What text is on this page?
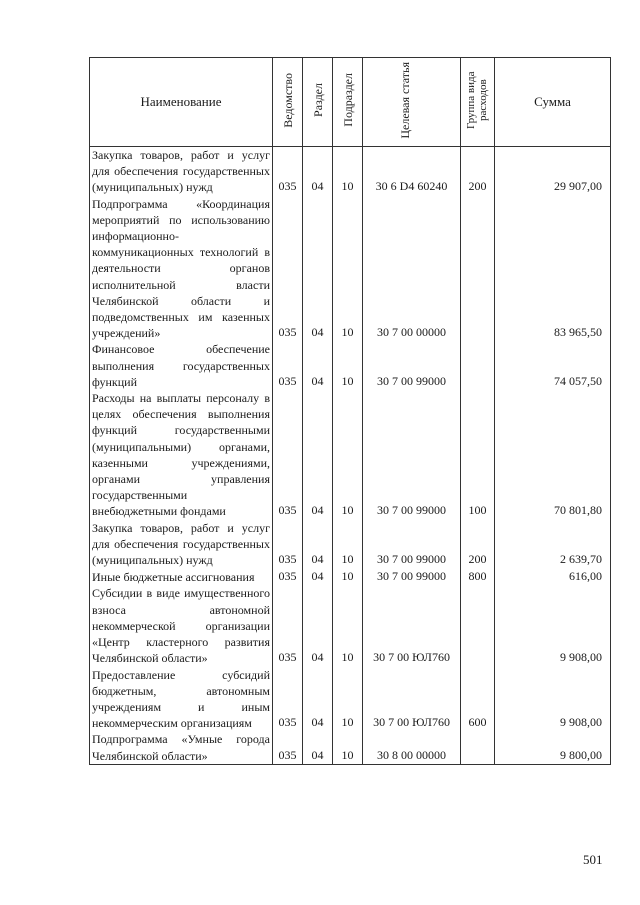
Наименование	Ведомство	Раздел	Подраздел	Целевая статья	Группа вида расходов	Сумма
Закупка товаров, работ и услуг для обеспечения государственных (муниципальных) нужд	035	04	10	30 6 D4 60240	200	29 907,00
Подпрограмма «Координация мероприятий по использованию информационно-коммуникационных технологий в деятельности органов исполнительной власти Челябинской области и подведомственных им казенных учреждений»	035	04	10	30 7 00 00000		83 965,50
Финансовое обеспечение выполнения государственных функций	035	04	10	30 7 00 99000		74 057,50
Расходы на выплаты персоналу в целях обеспечения выполнения функций государственными (муниципальными) органами, казенными учреждениями, органами управления государственными внебюджетными фондами	035	04	10	30 7 00 99000	100	70 801,80
Закупка товаров, работ и услуг для обеспечения государственных (муниципальных) нужд	035	04	10	30 7 00 99000	200	2 639,70
Иные бюджетные ассигнования	035	04	10	30 7 00 99000	800	616,00
Субсидии в виде имущественного взноса автономной некоммерческой организации «Центр кластерного развития Челябинской области»	035	04	10	30 7 00 ЮЛ760		9 908,00
Предоставление субсидий бюджетным, автономным учреждениям и иным некоммерческим организациям	035	04	10	30 7 00 ЮЛ760	600	9 908,00
Подпрограмма «Умные города Челябинской области»	035	04	10	30 8 00 00000		9 800,00
501
